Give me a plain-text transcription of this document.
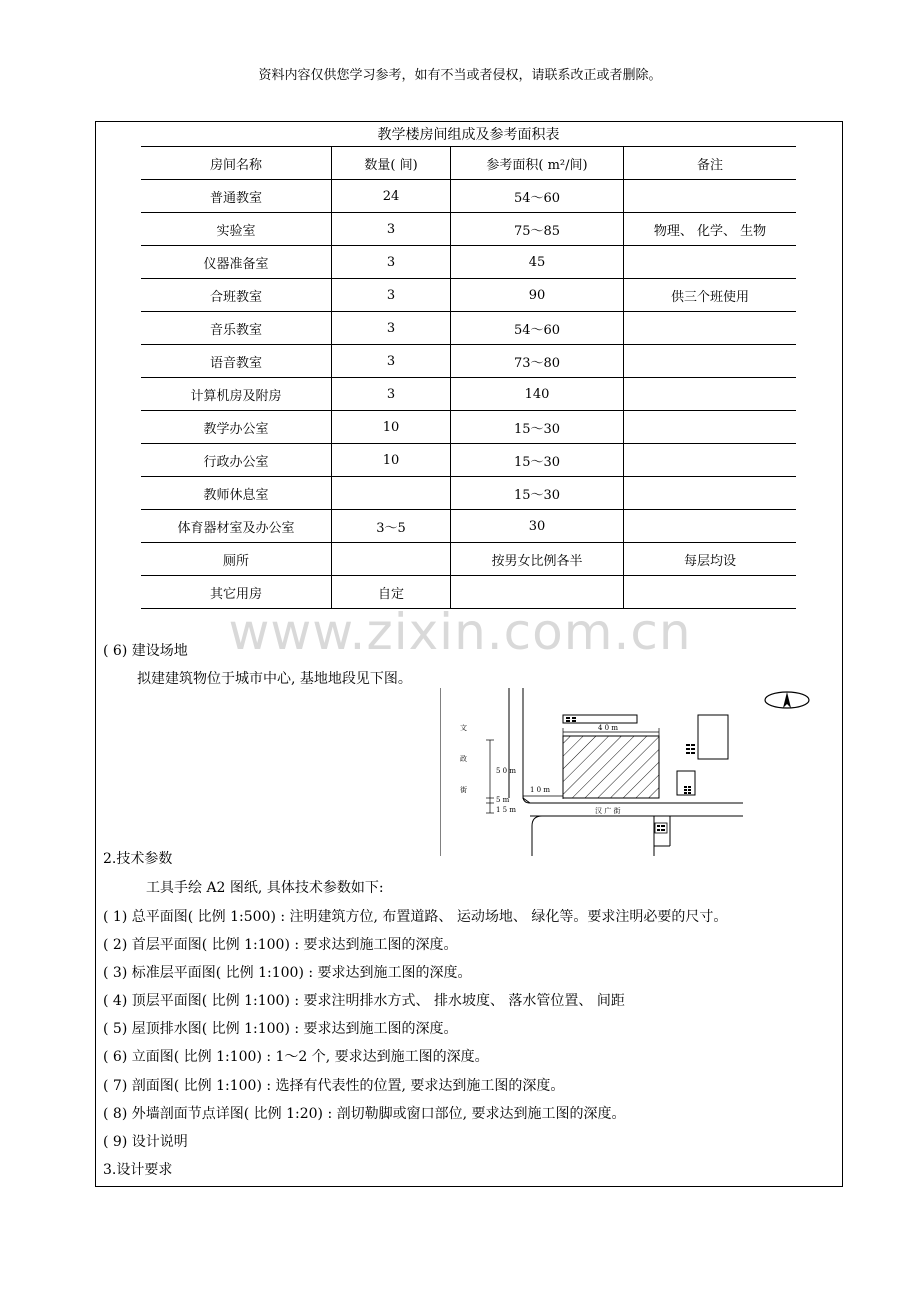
资料内容仅供您学习参考，如有不当或者侵权，请联系改正或者删除。
教学楼房间组成及参考面积表
房间名称	数量( 间)	参考面积( m²/间)	备注
普通教室	24	54～60	
实验室	3	75～85	物理、 化学、 生物
仪器准备室	3	45	
合班教室	3	90	供三个班使用
音乐教室	3	54～60	
语音教室	3	73～80	
计算机房及附房	3	140	
教学办公室	10	15～30	
行政办公室	10	15～30	
教师休息室		15～30	
体育器材室及办公室	3～5	30	
厕所		按男女比例各半	每层均设
其它用房	自定		
www.zixin.com.cn
( 6) 建设场地
拟建建筑物位于城市中心, 基地地段见下图。
文
政
街
汉 广 街
4 0 m
5 0 m
1 0 m
5 m
1 5 m
2.技术参数
工具手绘 A2 图纸, 具体技术参数如下:
( 1) 总平面图( 比例 1:500) : 注明建筑方位, 布置道路、 运动场地、 绿化等。要求注明必要的尺寸。
( 2) 首层平面图( 比例 1:100) : 要求达到施工图的深度。
( 3) 标准层平面图( 比例 1:100) : 要求达到施工图的深度。
( 4) 顶层平面图( 比例 1:100) : 要求注明排水方式、 排水坡度、 落水管位置、 间距
( 5) 屋顶排水图( 比例 1:100) : 要求达到施工图的深度。
( 6) 立面图( 比例 1:100) : 1～2 个, 要求达到施工图的深度。
( 7) 剖面图( 比例 1:100) : 选择有代表性的位置, 要求达到施工图的深度。
( 8) 外墙剖面节点详图( 比例 1:20) : 剖切勒脚或窗口部位, 要求达到施工图的深度。
( 9) 设计说明
3.设计要求
